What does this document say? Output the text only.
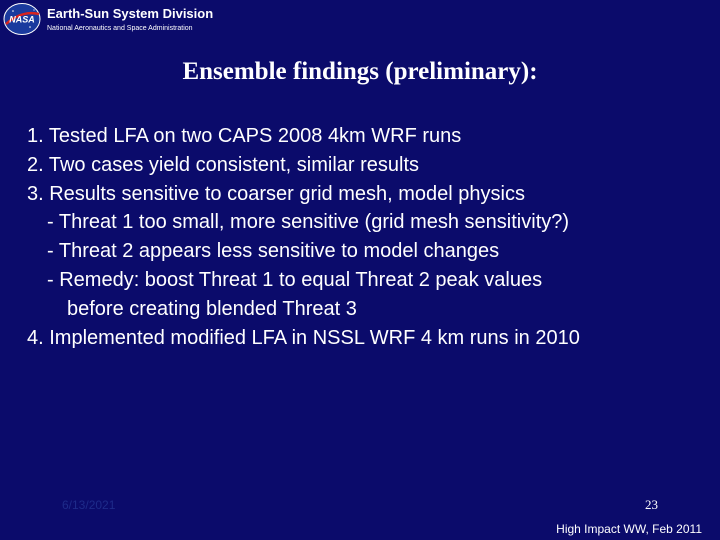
NASA Earth-Sun System Division
National Aeronautics and Space Administration
Ensemble findings (preliminary):
1. Tested LFA on two CAPS 2008 4km WRF runs
2. Two cases yield consistent, similar results
3. Results sensitive to coarser grid mesh, model physics
- Threat 1 too small, more sensitive (grid mesh sensitivity?)
- Threat 2 appears less sensitive to model changes
- Remedy: boost Threat 1 to equal Threat 2 peak values
before creating blended Threat 3
4. Implemented modified LFA in NSSL WRF 4 km runs in 2010
6/13/2021	23
High Impact WW, Feb 2011
